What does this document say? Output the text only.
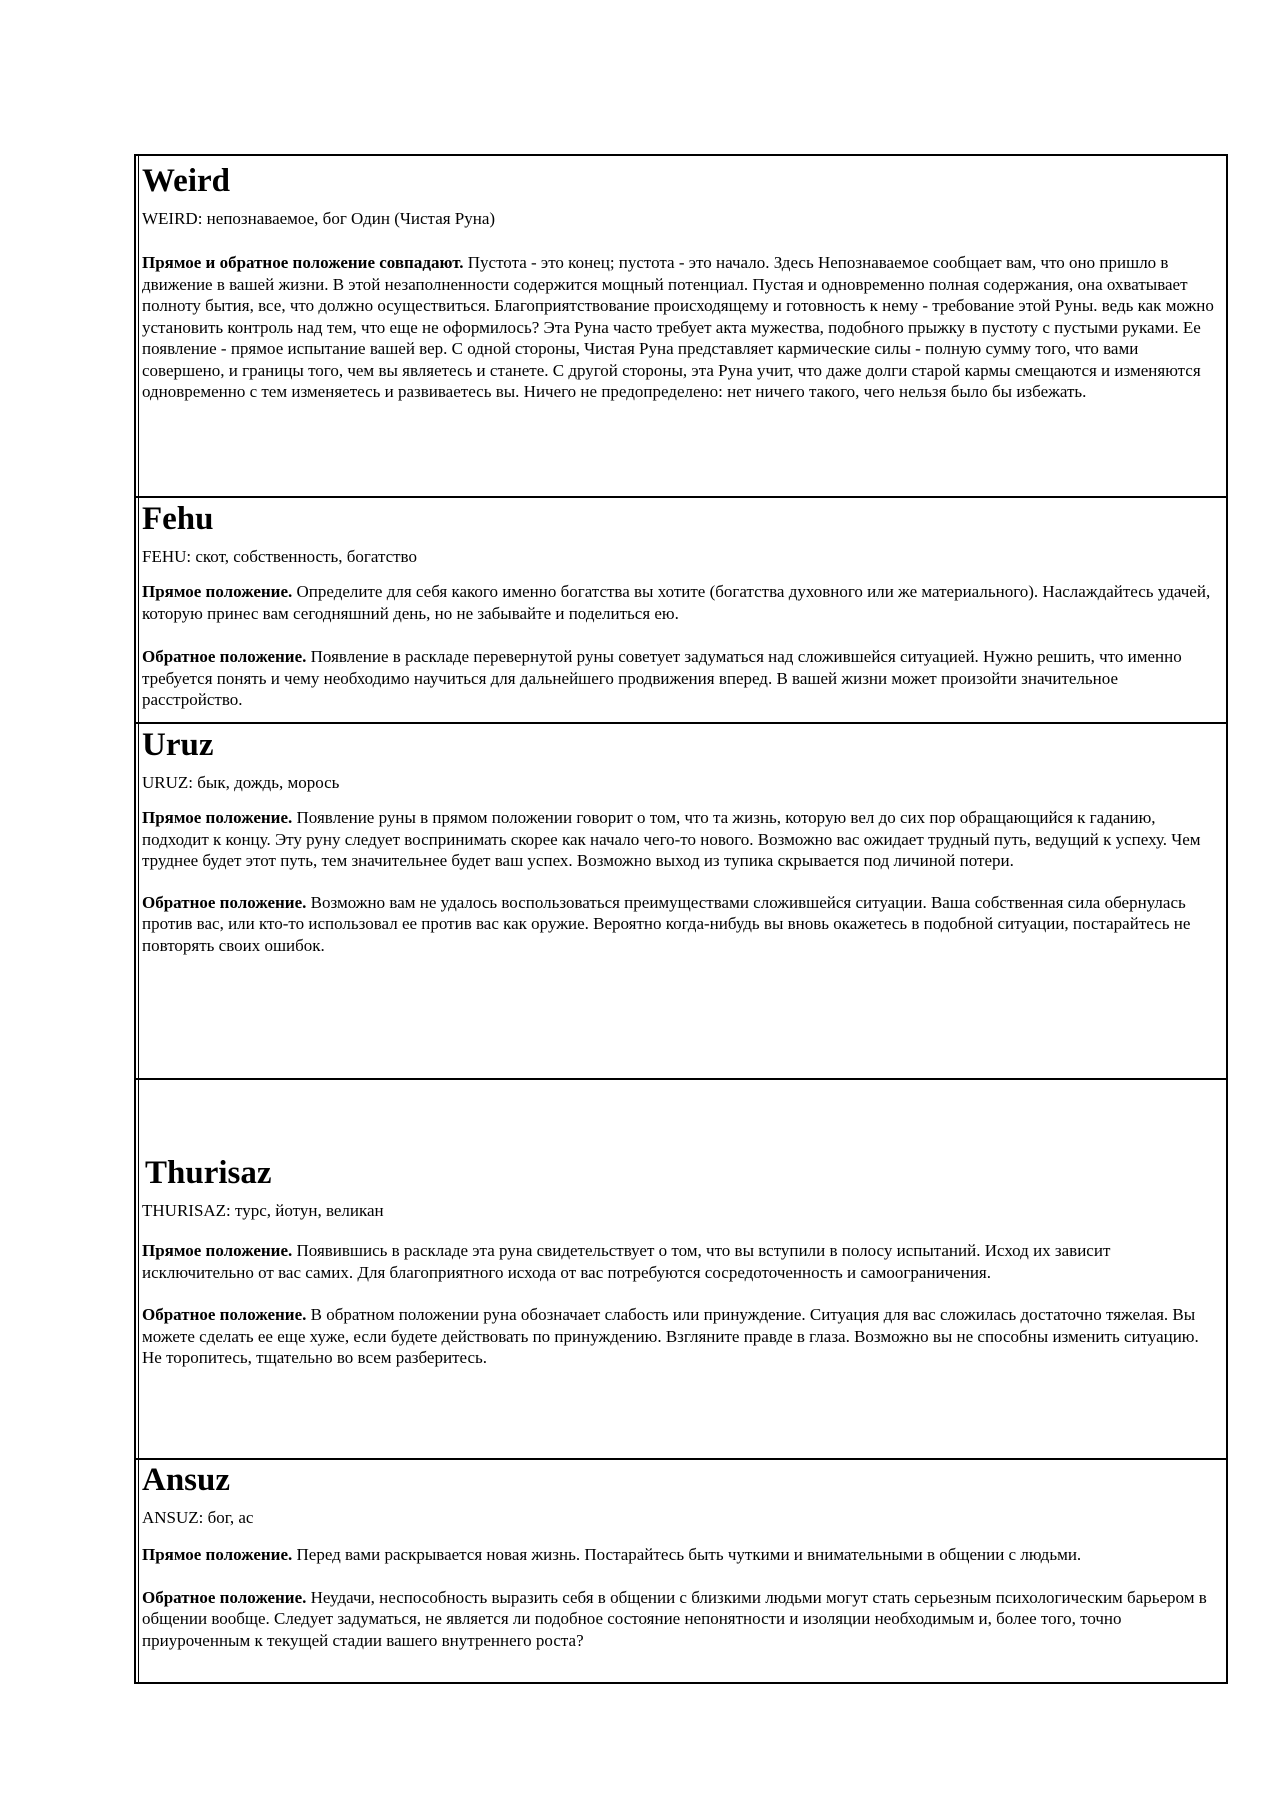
Weird

WEIRD: непознаваемое, бог Один (Чистая Руна)

Прямое и обратное положение совпадают. Пустота - это конец; пустота - это начало. Здесь Непознаваемое сообщает вам, что оно пришло в движение в вашей жизни. В этой незаполненности содержится мощный потенциал. Пустая и одновременно полная содержания, она охватывает полноту бытия, все, что должно осуществиться. Благоприятствование происходящему и готовность к нему - требование этой Руны. ведь как можно установить контроль над тем, что еще не оформилось? Эта Руна часто требует акта мужества, подобного прыжку в пустоту с пустыми руками. Ее появление - прямое испытание вашей вер. С одной стороны, Чистая Руна представляет кармические силы - полную сумму того, что вами совершено, и границы того, чем вы являетесь и станете. С другой стороны, эта Руна учит, что даже долги старой кармы смещаются и изменяются одновременно с тем изменяетесь и развиваетесь вы. Ничего не предопределено: нет ничего такого, чего нельзя было бы избежать.

Fehu

FEHU: скот, собственность, богатство

Прямое положение. Определите для себя какого именно богатства вы хотите (богатства духовного или же материального). Наслаждайтесь удачей, которую принес вам сегодняшний день, но не забывайте и поделиться ею.

Обратное положение. Появление в раскладе перевернутой руны советует задуматься над сложившейся ситуацией. Нужно решить, что именно требуется понять и чему необходимо научиться для дальнейшего продвижения вперед. В вашей жизни может произойти значительное расстройство.

Uruz

URUZ: бык, дождь, морось

Прямое положение. Появление руны в прямом положении говорит о том, что та жизнь, которую вел до сих пор обращающийся к гаданию, подходит к концу. Эту руну следует воспринимать скорее как начало чего-то нового. Возможно вас ожидает трудный путь, ведущий к успеху. Чем труднее будет этот путь, тем значительнее будет ваш успех. Возможно выход из тупика скрывается под личиной потери.

Обратное положение. Возможно вам не удалось воспользоваться преимуществами сложившейся ситуации. Ваша собственная сила обернулась против вас, или кто-то использовал ее против вас как оружие. Вероятно когда-нибудь вы вновь окажетесь в подобной ситуации, постарайтесь не повторять своих ошибок.

Thurisaz

THURISAZ: турс, йотун, великан

Прямое положение. Появившись в раскладе эта руна свидетельствует о том, что вы вступили в полосу испытаний. Исход их зависит исключительно от вас самих. Для благоприятного исхода от вас потребуются сосредоточенность и самоограничения.

Обратное положение. В обратном положении руна обозначает слабость или принуждение. Ситуация для вас сложилась достаточно тяжелая. Вы можете сделать ее еще хуже, если будете действовать по принуждению. Взгляните правде в глаза. Возможно вы не способны изменить ситуацию. Не торопитесь, тщательно во всем разберитесь.

Ansuz

ANSUZ: бог, ас

Прямое положение. Перед вами раскрывается новая жизнь. Постарайтесь быть чуткими и внимательными в общении с людьми.

Обратное положение. Неудачи, неспособность выразить себя в общении с близкими людьми могут стать серьезным психологическим барьером в общении вообще. Следует задуматься, не является ли подобное состояние непонятности и изоляции необходимым и, более того, точно приуроченным к текущей стадии вашего внутреннего роста?
